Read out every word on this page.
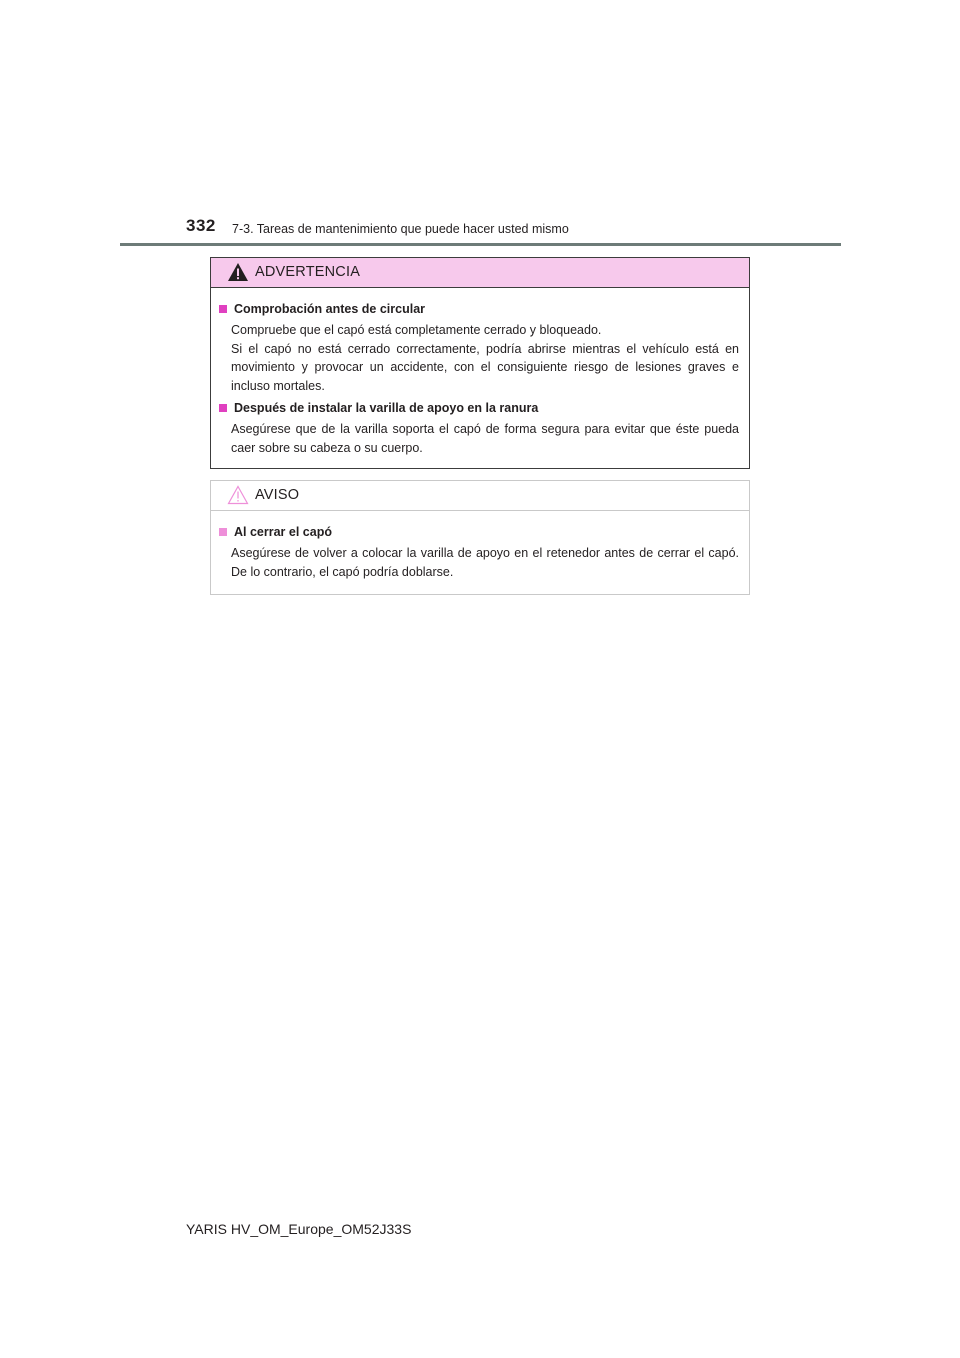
332 7-3. Tareas de mantenimiento que puede hacer usted mismo
ADVERTENCIA
Comprobación antes de circular

Compruebe que el capó está completamente cerrado y bloqueado.

Si el capó no está cerrado correctamente, podría abrirse mientras el vehículo está en movimiento y provocar un accidente, con el consiguiente riesgo de lesiones graves e incluso mortales.

Después de instalar la varilla de apoyo en la ranura

Asegúrese que de la varilla soporta el capó de forma segura para evitar que éste pueda caer sobre su cabeza o su cuerpo.

AVISO
Al cerrar el capó

Asegúrese de volver a colocar la varilla de apoyo en el retenedor antes de cerrar el capó. De lo contrario, el capó podría doblarse.

YARIS HV_OM_Europe_OM52J33S
